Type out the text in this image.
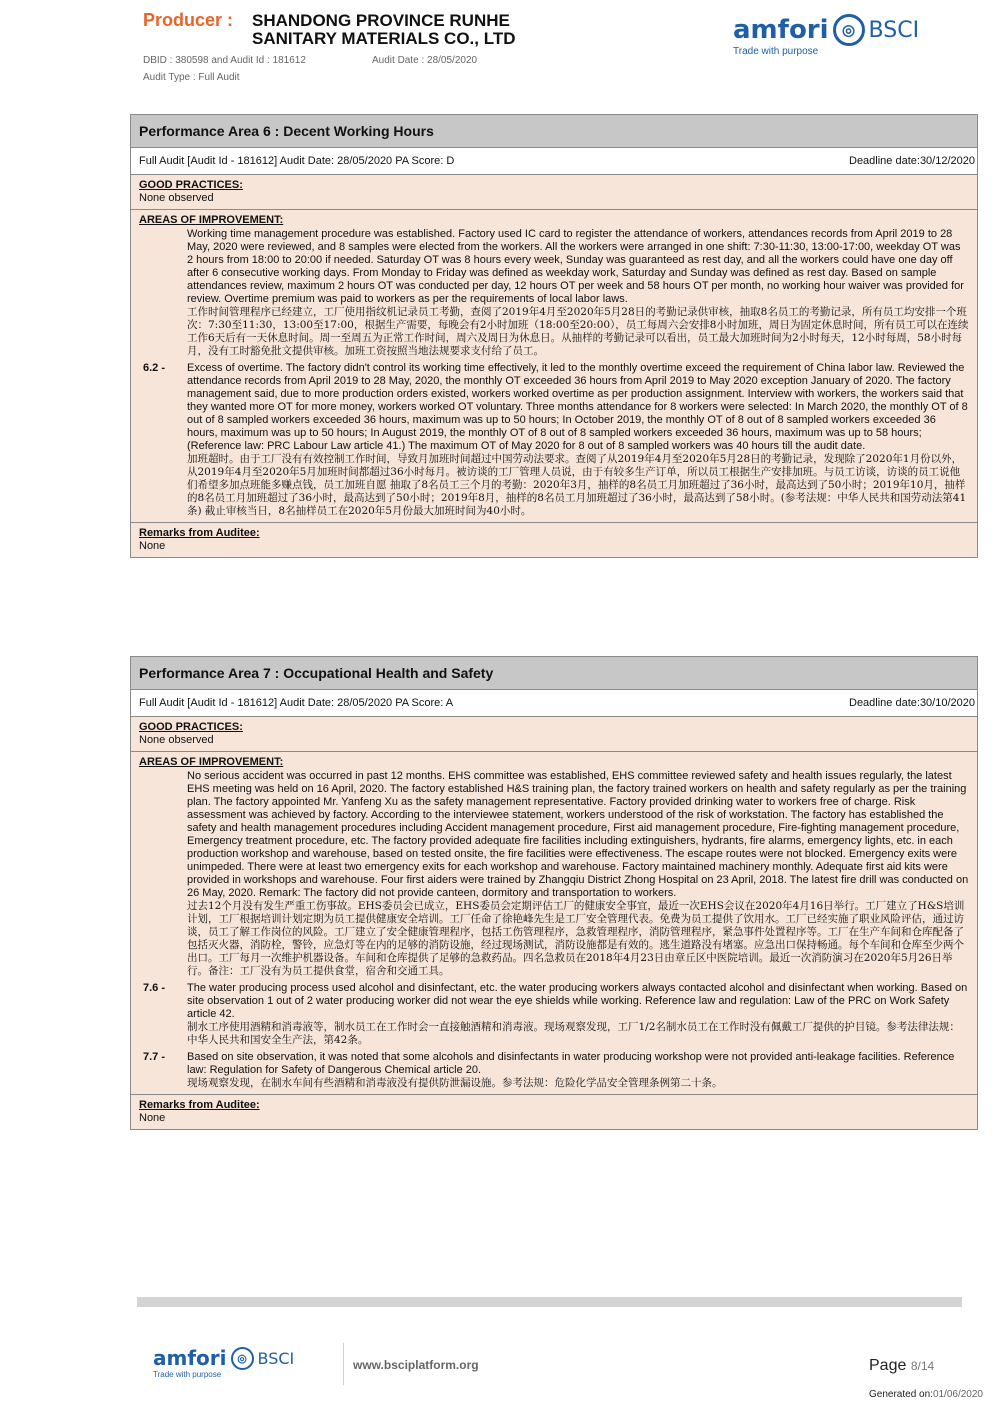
Producer : SHANDONG PROVINCE RUNHE
SANITARY MATERIALS CO., LTD
DBID : 380598 and Audit Id : 181612	Audit Date : 28/05/2020
Audit Type : Full Audit
amfori ◎ BSCI
Trade with purpose
Performance Area 6 : Decent Working Hours
Full Audit [Audit Id - 181612] Audit Date: 28/05/2020 PA Score: D	Deadline date:30/12/2020
GOOD PRACTICES:
None observed
AREAS OF IMPROVEMENT:

Working time management procedure was established. Factory used IC card to register the attendance of workers, attendances records from April 2019 to 28 May, 2020 were reviewed, and 8 samples were elected from the workers. All the workers were arranged in one shift: 7:30-11:30, 13:00-17:00, weekday OT was 2 hours from 18:00 to 20:00 if needed. Saturday OT was 8 hours every week, Sunday was guaranteed as rest day, and all the workers could have one day off after 6 consecutive working days. From Monday to Friday was defined as weekday work, Saturday and Sunday was defined as rest day. Based on sample attendances review, maximum 2 hours OT was conducted per day, 12 hours OT per week and 58 hours OT per month, no working hour waiver was provided for review. Overtime premium was paid to workers as per the requirements of local labor laws.

工作时间管理程序已经建立，工厂使用指纹机记录员工考勤，查阅了2019年4月至2020年5月28日的考勤记录供审核，抽取8名员工的考勤记录，所有员工均安排一个班次：7:30至11:30，13:00至17:00，根据生产需要，每晚会有2小时加班（18:00至20:00），员工每周六会安排8小时加班，周日为固定休息时间，所有员工可以在连续工作6天后有一天休息时间。周一至周五为正常工作时间，周六及周日为休息日。从抽样的考勤记录可以看出，员工最大加班时间为2小时每天，12小时每周，58小时每月，没有工时豁免批文提供审核。加班工资按照当地法规要求支付给了员工。

6.2 -	Excess of overtime. The factory didn't control its working time effectively, it led to the monthly overtime exceed the requirement of China labor law. Reviewed the attendance records from April 2019 to 28 May, 2020, the monthly OT exceeded 36 hours from April 2019 to May 2020 exception January of 2020. The factory management said, due to more production orders existed, workers worked overtime as per production assignment. Interview with workers, the workers said that they wanted more OT for more money, workers worked OT voluntary. Three months attendance for 8 workers were selected: In March 2020, the monthly OT of 8 out of 8 sampled workers exceeded 36 hours, maximum was up to 50 hours; In October 2019, the monthly OT of 8 out of 8 sampled workers exceeded 36 hours, maximum was up to 50 hours; In August 2019, the monthly OT of 8 out of 8 sampled workers exceeded 36 hours, maximum was up to 58 hours; (Reference law: PRC Labour Law article 41.) The maximum OT of May 2020 for 8 out of 8 sampled workers was 40 hours till the audit date.

加班超时。由于工厂没有有效控制工作时间，导致月加班时间超过中国劳动法要求。查阅了从2019年4月至2020年5月28日的考勤记录，发现除了2020年1月份以外，从2019年4月至2020年5月加班时间都超过36小时每月。被访谈的工厂管理人员说，由于有较多生产订单，所以员工根据生产安排加班。与员工访谈，访谈的员工说他们希望多加点班能多赚点钱，员工加班自愿 抽取了8名员工三个月的考勤：2020年3月，抽样的8名员工月加班超过了36小时，最高达到了50小时；2019年10月，抽样的8名员工月加班超过了36小时，最高达到了50小时；2019年8月，抽样的8名员工月加班超过了36小时，最高达到了58小时。(参考法规：中华人民共和国劳动法第41条) 截止审核当日，8名抽样员工在2020年5月份最大加班时间为40小时。

Remarks from Auditee:
None
Performance Area 7 : Occupational Health and Safety
Full Audit [Audit Id - 181612] Audit Date: 28/05/2020 PA Score: A	Deadline date:30/10/2020
GOOD PRACTICES:
None observed
AREAS OF IMPROVEMENT:

No serious accident was occurred in past 12 months. EHS committee was established, EHS committee reviewed safety and health issues regularly, the latest EHS meeting was held on 16 April, 2020. The factory established H&S training plan, the factory trained workers on health and safety regularly as per the training plan. The factory appointed Mr. Yanfeng Xu as the safety management representative. Factory provided drinking water to workers free of charge. Risk assessment was achieved by factory. According to the interviewee statement, workers understood of the risk of workstation. The factory has established the safety and health management procedures including Accident management procedure, First aid management procedure, Fire-fighting management procedure, Emergency treatment procedure, etc. The factory provided adequate fire facilities including extinguishers, hydrants, fire alarms, emergency lights, etc. in each production workshop and warehouse, based on tested onsite, the fire facilities were effectiveness. The escape routes were not blocked. Emergency exits were unimpeded. There were at least two emergency exits for each workshop and warehouse. Factory maintained machinery monthly. Adequate first aid kits were provided in workshops and warehouse. Four first aiders were trained by Zhangqiu District Zhong Hospital on 23 April, 2018. The latest fire drill was conducted on 26 May, 2020. Remark: The factory did not provide canteen, dormitory and transportation to workers.

过去12个月没有发生严重工伤事故。EHS委员会已成立，EHS委员会定期评估工厂的健康安全事宜，最近一次EHS会议在2020年4月16日举行。工厂建立了H&S培训计划，工厂根据培训计划定期为员工提供健康安全培训。工厂任命了徐艳峰先生是工厂安全管理代表。免费为员工提供了饮用水。工厂已经实施了职业风险评估，通过访谈，员工了解工作岗位的风险。工厂建立了安全健康管理程序，包括工伤管理程序，急救管理程序，消防管理程序，紧急事件处置程序等。工厂在生产车间和仓库配备了包括灭火器，消防栓，警铃，应急灯等在内的足够的消防设施，经过现场测试，消防设施都是有效的。逃生道路没有堵塞。应急出口保持畅通。每个车间和仓库至少两个出口。工厂每月一次维护机器设备。车间和仓库提供了足够的急救药品。四名急救员在2018年4月23日由章丘区中医院培训。最近一次消防演习在2020年5月26日举行。备注：工厂没有为员工提供食堂，宿舍和交通工具。

7.6 -	The water producing process used alcohol and disinfectant, etc. the water producing workers always contacted alcohol and disinfectant when working. Based on site observation 1 out of 2 water producing worker did not wear the eye shields while working. Reference law and regulation: Law of the PRC on Work Safety article 42.

制水工序使用酒精和消毒液等，制水员工在工作时会一直接触酒精和消毒液。现场观察发现，工厂1/2名制水员工在工作时没有佩戴工厂提供的护目镜。参考法律法规：中华人民共和国安全生产法，第42条。

7.7 -	Based on site observation, it was noted that some alcohols and disinfectants in water producing workshop were not provided anti-leakage facilities. Reference law: Regulation for Safety of Dangerous Chemical article 20.

现场观察发现，在制水车间有些酒精和消毒液没有提供防泄漏设施。参考法规：危险化学品安全管理条例第二十条。

Remarks from Auditee:
None
amfori ◎ BSCI
Trade with purpose
www.bsciplatform.org	Page 8/14
Generated on:01/06/2020
